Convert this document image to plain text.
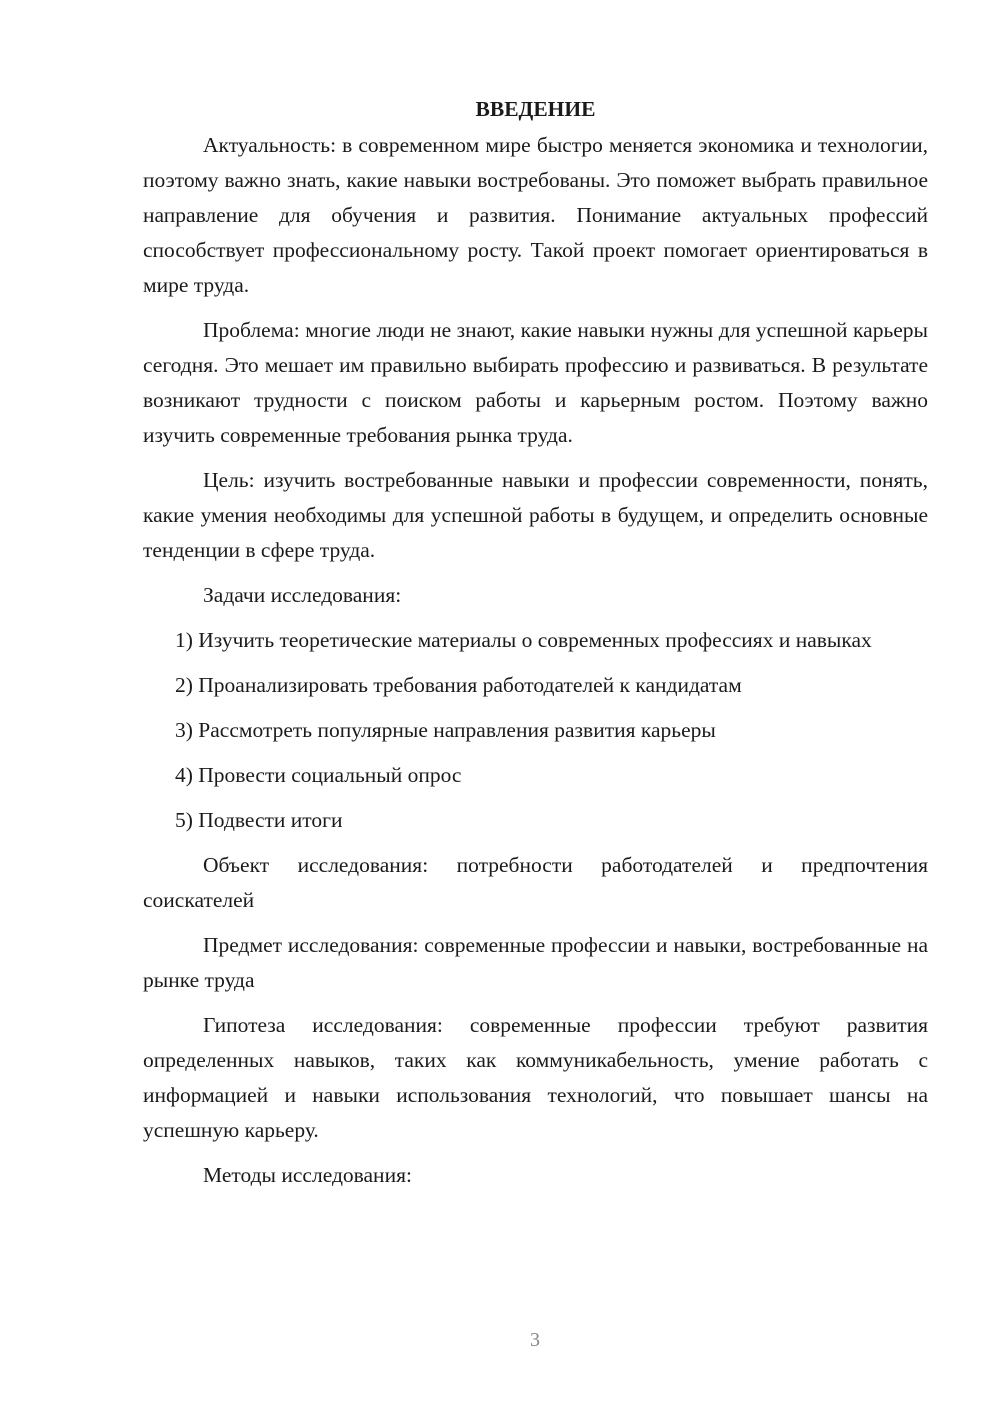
ВВЕДЕНИЕ

Актуальность: в современном мире быстро меняется экономика и технологии, поэтому важно знать, какие навыки востребованы. Это поможет выбрать правильное направление для обучения и развития. Понимание актуальных профессий способствует профессиональному росту. Такой проект помогает ориентироваться в мире труда.

Проблема: многие люди не знают, какие навыки нужны для успешной карьеры сегодня. Это мешает им правильно выбирать профессию и развиваться. В результате возникают трудности с поиском работы и карьерным ростом. Поэтому важно изучить современные требования рынка труда.

Цель: изучить востребованные навыки и профессии современности, понять, какие умения необходимы для успешной работы в будущем, и определить основные тенденции в сфере труда.

Задачи исследования:

1) Изучить теоретические материалы о современных профессиях и навыках
2) Проанализировать требования работодателей к кандидатам
3) Рассмотреть популярные направления развития карьеры
4) Провести социальный опрос
5) Подвести итоги

Объект исследования: потребности работодателей и предпочтения соискателей

Предмет исследования: современные профессии и навыки, востребованные на рынке труда

Гипотеза исследования: современные профессии требуют развития определенных навыков, таких как коммуникабельность, умение работать с информацией и навыки использования технологий, что повышает шансы на успешную карьеру.

Методы исследования:

3
